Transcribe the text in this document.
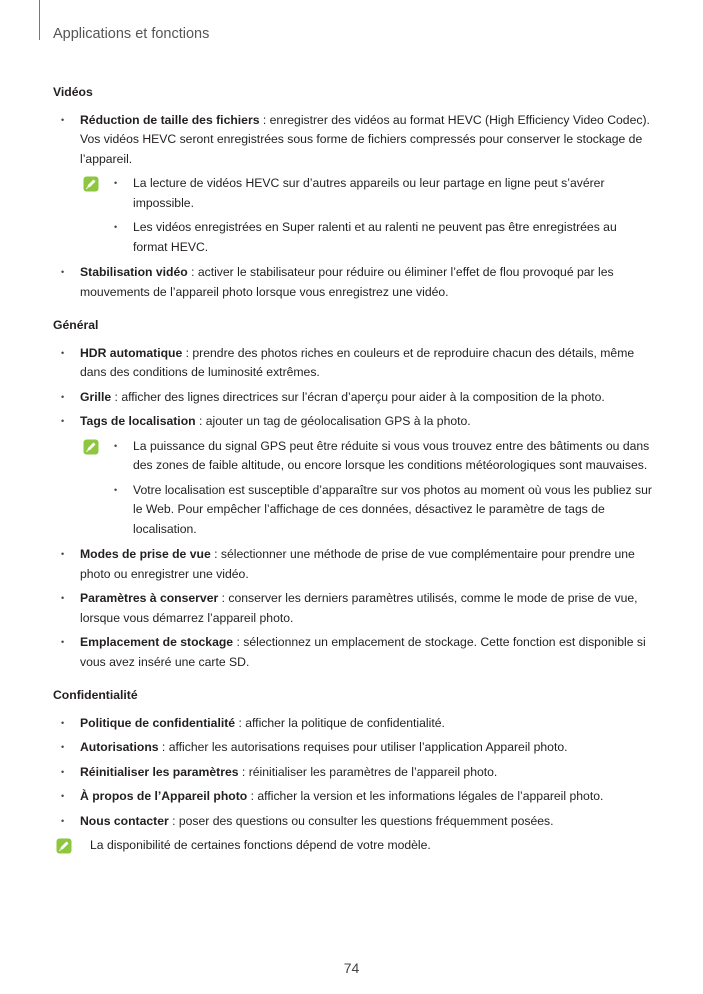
Applications et fonctions
Vidéos
• Réduction de taille des fichiers : enregistrer des vidéos au format HEVC (High Efficiency Video Codec). Vos vidéos HEVC seront enregistrées sous forme de fichiers compressés pour conserver le stockage de l’appareil.
• La lecture de vidéos HEVC sur d’autres appareils ou leur partage en ligne peut s’avérer impossible.
• Les vidéos enregistrées en Super ralenti et au ralenti ne peuvent pas être enregistrées au format HEVC.
• Stabilisation vidéo : activer le stabilisateur pour réduire ou éliminer l’effet de flou provoqué par les mouvements de l’appareil photo lorsque vous enregistrez une vidéo.
Général
• HDR automatique : prendre des photos riches en couleurs et de reproduire chacun des détails, même dans des conditions de luminosité extrêmes.
• Grille : afficher des lignes directrices sur l’écran d’aperçu pour aider à la composition de la photo.
• Tags de localisation : ajouter un tag de géolocalisation GPS à la photo.
• La puissance du signal GPS peut être réduite si vous vous trouvez entre des bâtiments ou dans des zones de faible altitude, ou encore lorsque les conditions météorologiques sont mauvaises.
• Votre localisation est susceptible d’apparaître sur vos photos au moment où vous les publiez sur le Web. Pour empêcher l’affichage de ces données, désactivez le paramètre de tags de localisation.
• Modes de prise de vue : sélectionner une méthode de prise de vue complémentaire pour prendre une photo ou enregistrer une vidéo.
• Paramètres à conserver : conserver les derniers paramètres utilisés, comme le mode de prise de vue, lorsque vous démarrez l’appareil photo.
• Emplacement de stockage : sélectionnez un emplacement de stockage. Cette fonction est disponible si vous avez inséré une carte SD.
Confidentialité
• Politique de confidentialité : afficher la politique de confidentialité.
• Autorisations : afficher les autorisations requises pour utiliser l’application Appareil photo.
• Réinitialiser les paramètres : réinitialiser les paramètres de l’appareil photo.
• À propos de l’Appareil photo : afficher la version et les informations légales de l’appareil photo.
• Nous contacter : poser des questions ou consulter les questions fréquemment posées.
La disponibilité de certaines fonctions dépend de votre modèle.
74
